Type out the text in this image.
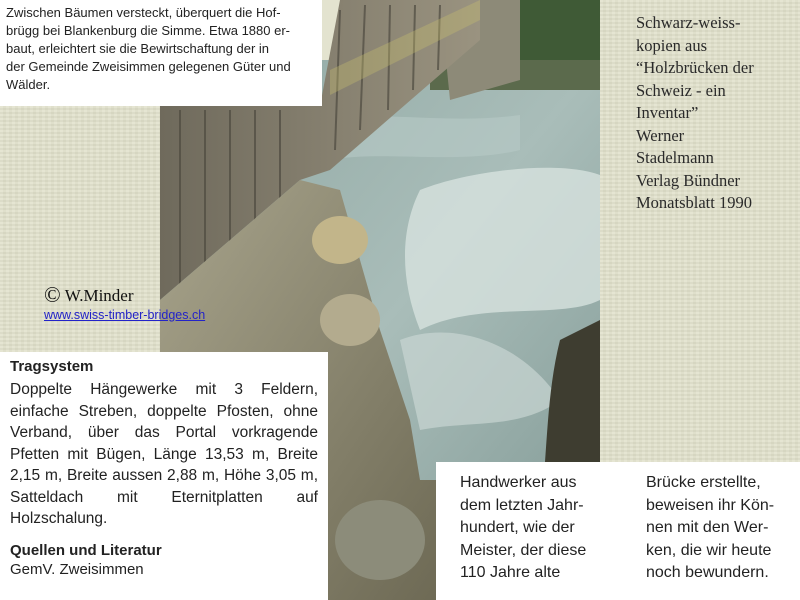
Zwischen Bäumen versteckt, überquert die Hof-
brügg bei Blankenburg die Simme. Etwa 1880 er-
baut, erleichtert sie die Bewirtschaftung der in
der Gemeinde Zweisimmen gelegenen Güter und
Wälder.
Schwarz-weiss-
kopien aus
“Holzbrücken der
Schweiz - ein
Inventar”
Werner
Stadelmann
Verlag Bündner
Monatsblatt 1990
© W.Minder
www.swiss-timber-bridges.ch
Tragsystem

Doppelte Hängewerke mit 3 Feldern, einfache Streben, doppelte Pfosten, ohne Verband, über das Portal vorkragende Pfetten mit Bügen, Länge 13,53 m, Breite 2,15 m, Breite aussen 2,88 m, Höhe 3,05 m, Satteldach mit Eternitplatten auf Holzschalung.

Quellen und Literatur
GemV. Zweisimmen
Handwerker aus
dem letzten Jahr-
hundert, wie der
Meister, der diese
110 Jahre alte
Brücke erstellte,
beweisen ihr Kön-
nen mit den Wer-
ken, die wir heute
noch bewundern.
